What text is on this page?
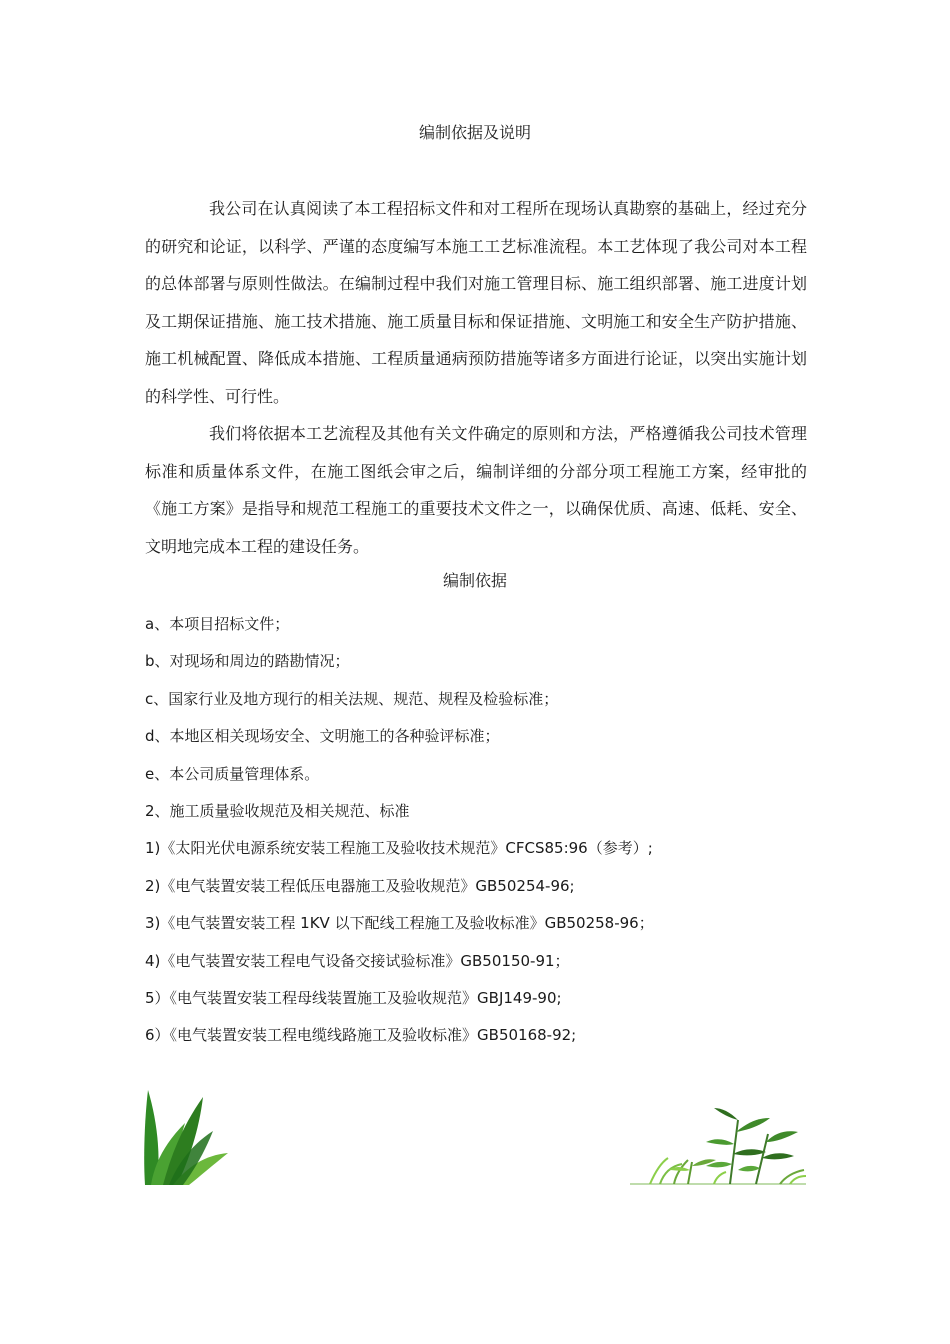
编制依据及说明

我公司在认真阅读了本工程招标文件和对工程所在现场认真勘察的基础上，经过充分的研究和论证，以科学、严谨的态度编写本施工工艺标准流程。本工艺体现了我公司对本工程的总体部署与原则性做法。在编制过程中我们对施工管理目标、施工组织部署、施工进度计划及工期保证措施、施工技术措施、施工质量目标和保证措施、文明施工和安全生产防护措施、施工机械配置、降低成本措施、工程质量通病预防措施等诸多方面进行论证，以突出实施计划的科学性、可行性。

我们将依据本工艺流程及其他有关文件确定的原则和方法，严格遵循我公司技术管理标准和质量体系文件，在施工图纸会审之后，编制详细的分部分项工程施工方案，经审批的《施工方案》是指导和规范工程施工的重要技术文件之一，以确保优质、高速、低耗、安全、文明地完成本工程的建设任务。

编制依据
a、本项目招标文件；
b、对现场和周边的踏勘情况；
c、国家行业及地方现行的相关法规、规范、规程及检验标准；
d、本地区相关现场安全、文明施工的各种验评标准；
e、本公司质量管理体系。
2、施工质量验收规范及相关规范、标准
1)《太阳光伏电源系统安装工程施工及验收技术规范》CFCS85:96（参考）;
2)《电气装置安装工程低压电器施工及验收规范》GB50254-96;
3)《电气装置安装工程 1KV 以下配线工程施工及验收标准》GB50258-96；
4)《电气装置安装工程电气设备交接试验标准》GB50150-91；
5）《电气装置安装工程母线装置施工及验收规范》GBJ149-90;
6）《电气装置安装工程电缆线路施工及验收标准》GB50168-92;
